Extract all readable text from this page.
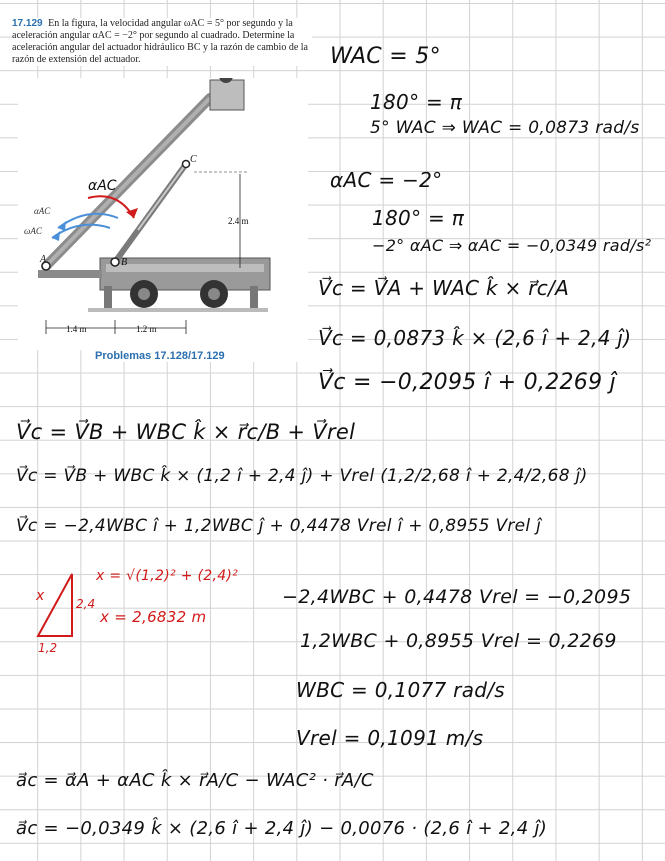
17.129 En la figura, la velocidad angular ωAC = 5° por segundo y la aceleración angular αAC = −2° por segundo al cuadrado. Determine la aceleración angular del actuador hidráulico BC y la razón de cambio de la razón de extensión del actuador.
αAC
αAC
ωAC
A	B
C
2.4 m
1.4 m	1.2 m
Problemas 17.128/17.129
WAC = 5°
180° = π
5° WAC ⇒ WAC = 0,0873 rad/s
αAC = −2°
180° = π
−2° αAC ⇒ αAC = −0,0349 rad/s²
V⃗c = V⃗A + WAC k̂ × r⃗c/A
V⃗c = 0,0873 k̂ × (2,6 î + 2,4 ĵ)
V⃗c = −0,2095 î + 0,2269 ĵ
V⃗c = V⃗B + WBC k̂ × r⃗c/B + V⃗rel
V⃗c = V⃗B + WBC k̂ × (1,2 î + 2,4 ĵ) + Vrel (1,2/2,68 î + 2,4/2,68 ĵ)
V⃗c = −2,4WBC î + 1,2WBC ĵ + 0,4478 Vrel î + 0,8955 Vrel ĵ
−2,4WBC + 0,4478 Vrel = −0,2095
1,2WBC + 0,8955 Vrel = 0,2269
WBC = 0,1077 rad/s
Vrel = 0,1091 m/s
a⃗c = α⃗A + αAC k̂ × r⃗A/C − WAC² · r⃗A/C
a⃗c = −0,0349 k̂ × (2,6 î + 2,4 ĵ) − 0,0076 · (2,6 î + 2,4 ĵ)
x	2,4
1,2
x = √(1,2)² + (2,4)²
x = 2,6832 m
